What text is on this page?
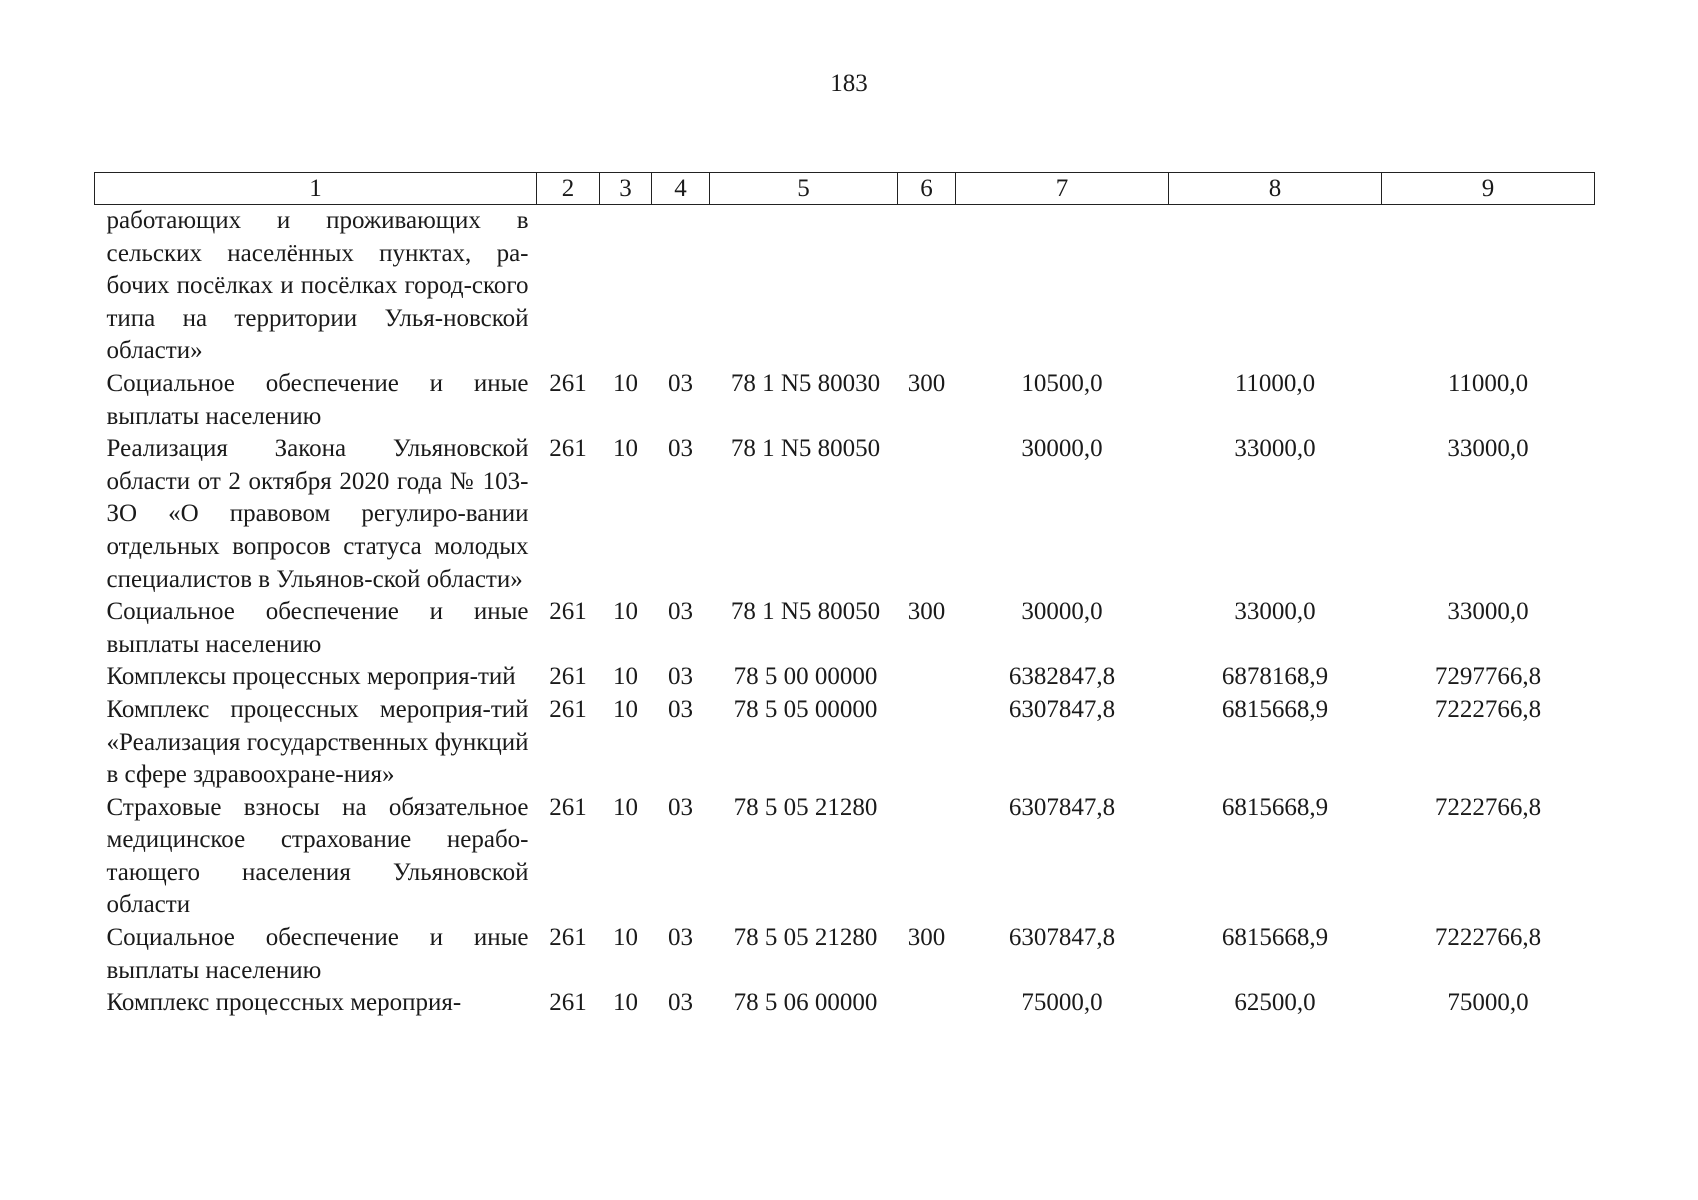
183
1	2	3	4	5	6	7	8	9
работающих и проживающих в сельских населённых пунктах, ра-бочих посёлках и посёлках город-ского типа на территории Улья-новской области»								
Социальное обеспечение и иные выплаты населению	261	10	03	78 1 N5 80030	300	10500,0	11000,0	11000,0
Реализация Закона Ульяновской области от 2 октября 2020 года № 103-ЗО «О правовом регулиро-вании отдельных вопросов статуса молодых специалистов в Ульянов-ской области»	261	10	03	78 1 N5 80050		30000,0	33000,0	33000,0
Социальное обеспечение и иные выплаты населению	261	10	03	78 1 N5 80050	300	30000,0	33000,0	33000,0
Комплексы процессных мероприя-тий	261	10	03	78 5 00 00000		6382847,8	6878168,9	7297766,8
Комплекс процессных мероприя-тий «Реализация государственных функций в сфере здравоохране-ния»	261	10	03	78 5 05 00000		6307847,8	6815668,9	7222766,8
Страховые взносы на обязательное медицинское страхование нерабо-тающего населения Ульяновской области	261	10	03	78 5 05 21280		6307847,8	6815668,9	7222766,8
Социальное обеспечение и иные выплаты населению	261	10	03	78 5 05 21280	300	6307847,8	6815668,9	7222766,8
Комплекс процессных мероприя-	261	10	03	78 5 06 00000		75000,0	62500,0	75000,0
